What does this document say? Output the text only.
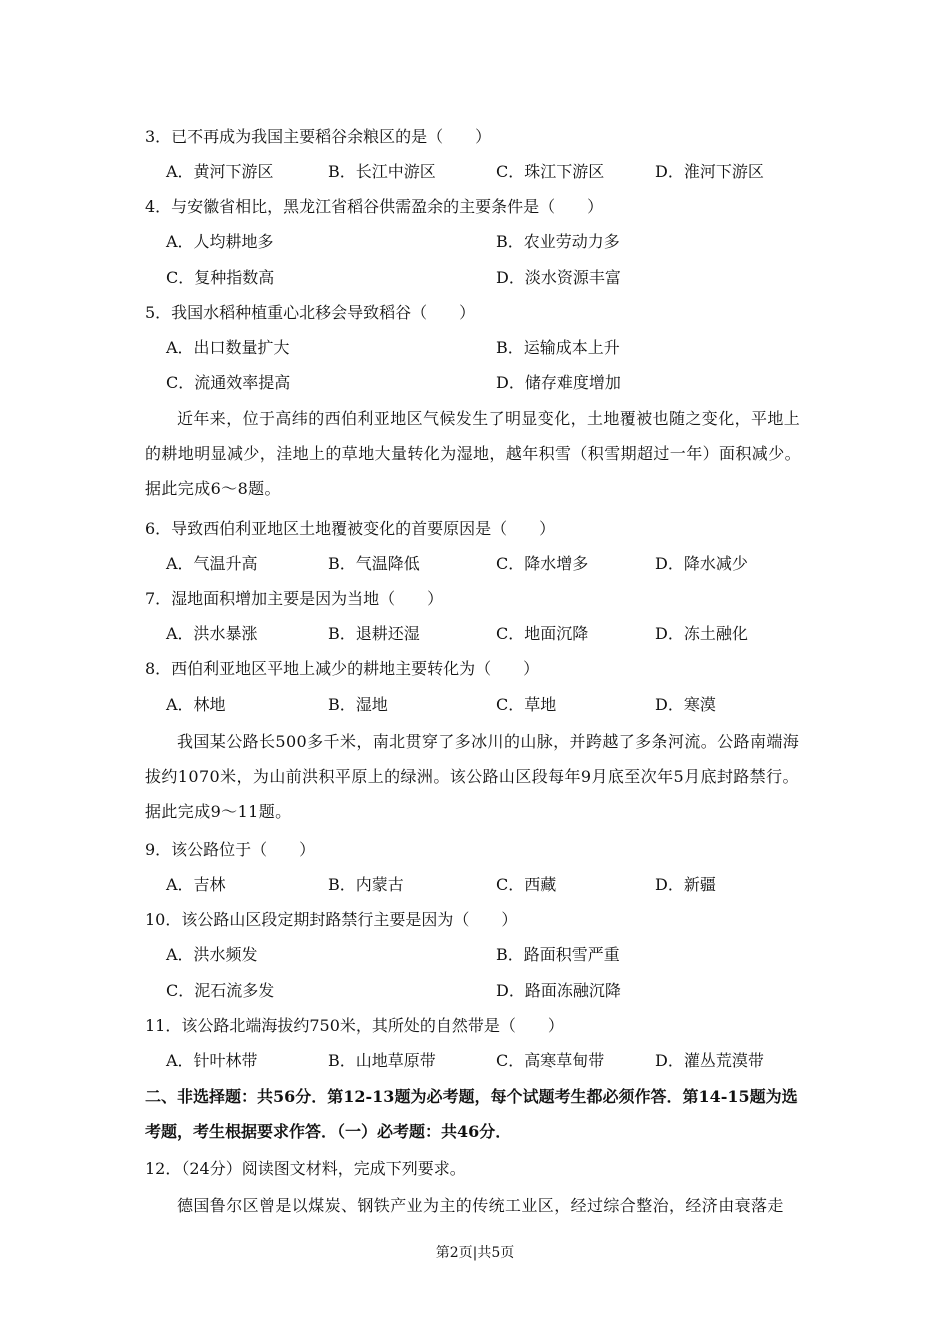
3．已不再成为我国主要稻谷余粮区的是（　　）
A．黄河下游区	B．长江中游区	C．珠江下游区	D．淮河下游区
4．与安徽省相比，黑龙江省稻谷供需盈余的主要条件是（　　）
A．人均耕地多	B．农业劳动力多
C．复种指数高	D．淡水资源丰富
5．我国水稻种植重心北移会导致稻谷（　　）
A．出口数量扩大	B．运输成本上升
C．流通效率提高	D．储存难度增加
近年来，位于高纬的西伯利亚地区气候发生了明显变化，土地覆被也随之变化，平地上的耕地明显减少，洼地上的草地大量转化为湿地，越年积雪（积雪期超过一年）面积减少。据此完成6～8题。
6．导致西伯利亚地区土地覆被变化的首要原因是（　　）
A．气温升高	B．气温降低	C．降水增多	D．降水减少
7．湿地面积增加主要是因为当地（　　）
A．洪水暴涨	B．退耕还湿	C．地面沉降	D．冻土融化
8．西伯利亚地区平地上减少的耕地主要转化为（　　）
A．林地	B．湿地	C．草地	D．寒漠
我国某公路长500多千米，南北贯穿了多冰川的山脉，并跨越了多条河流。公路南端海拔约1070米，为山前洪积平原上的绿洲。该公路山区段每年9月底至次年5月底封路禁行。据此完成9～11题。
9．该公路位于（　　）
A．吉林	B．内蒙古	C．西藏	D．新疆
10．该公路山区段定期封路禁行主要是因为（　　）
A．洪水频发	B．路面积雪严重
C．泥石流多发	D．路面冻融沉降
11．该公路北端海拔约750米，其所处的自然带是（　　）
A．针叶林带	B．山地草原带	C．高寒草甸带	D．灌丛荒漠带
二、非选择题：共56分．第12-13题为必考题，每个试题考生都必须作答．第14-15题为选考题，考生根据要求作答．（一）必考题：共46分．
12．（24分）阅读图文材料，完成下列要求。
德国鲁尔区曾是以煤炭、钢铁产业为主的传统工业区，经过综合整治，经济由衰落走
第2页|共5页
